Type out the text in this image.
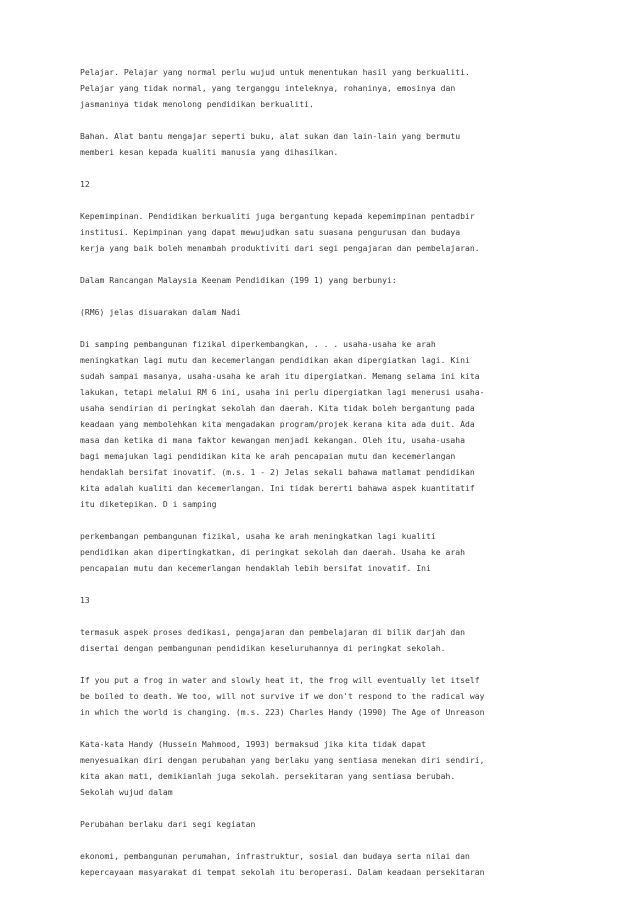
Pelajar. Pelajar yang normal perlu wujud untuk menentukan hasil yang berkualiti.
Pelajar yang tidak normal, yang terganggu inteleknya, rohaninya, emosinya dan
jasmaninya tidak menolong pendidikan berkualiti.
Bahan. Alat bantu mengajar seperti buku, alat sukan dan lain-lain yang bermutu
memberi kesan kepada kualiti manusia yang dihasilkan.
12
Kepemimpinan. Pendidikan berkualiti juga bergantung kepada kepemimpinan pentadbir
institusi. Kepimpinan yang dapat mewujudkan satu suasana pengurusan dan budaya
kerja yang baik boleh menambah produktiviti dari segi pengajaran dan pembelajaran.
Dalam Rancangan Malaysia Keenam Pendidikan (199 1) yang berbunyi:
(RM6) jelas disuarakan dalam Nadi
Di samping pembangunan fizikal diperkembangkan, . . . usaha-usaha ke arah
meningkatkan lagi mutu dan kecemerlangan pendidikan akan dipergiatkan lagi. Kini
sudah sampai masanya, usaha-usaha ke arah itu dipergiatkan. Memang selama ini kita
lakukan, tetapi melalui RM 6 ini, usaha ini perlu dipergiatkan lagi menerusi usaha-
usaha sendirian di peringkat sekolah dan daerah. Kita tidak boleh bergantung pada
keadaan yang membolehkan kita mengadakan program/projek kerana kita ada duit. Ada
masa dan ketika di mana faktor kewangan menjadi kekangan. Oleh itu, usaha-usaha
bagi memajukan lagi pendidikan kita ke arah pencapaian mutu dan kecemerlangan
hendaklah bersifat inovatif. (m.s. 1 - 2) Jelas sekali bahawa matlamat pendidikan
kita adalah kualiti dan kecemerlangan. Ini tidak bererti bahawa aspek kuantitatif
itu diketepikan. D i samping
perkembangan pembangunan fizikal, usaha ke arah meningkatkan lagi kualiti
pendidikan akan dipertingkatkan, di peringkat sekolah dan daerah. Usaha ke arah
pencapaian mutu dan kecemerlangan hendaklah lebih bersifat inovatif. Ini
13
termasuk aspek proses dedikasi, pengajaran dan pembelajaran di bilik darjah dan
disertai dengan pembangunan pendidikan keseluruhannya di peringkat sekolah.
If you put a frog in water and slowly heat it, the frog will eventually let itself
be boiled to death. We too, will not survive if we don't respond to the radical way
in which the world is changing. (m.s. 223) Charles Handy (1990) The Age of Unreason
Kata-kata Handy (Hussein Mahmood, 1993) bermaksud jika kita tidak dapat
menyesuaikan diri dengan perubahan yang berlaku yang sentiasa menekan diri sendiri,
kita akan mati, demikianlah juga sekolah. persekitaran yang sentiasa berubah.
Sekolah wujud dalam
Perubahan berlaku dari segi kegiatan
ekonomi, pembangunan perumahan, infrastruktur, sosial dan budaya serta nilai dan
kepercayaan masyarakat di tempat sekolah itu beroperasi. Dalam keadaan persekitaran
